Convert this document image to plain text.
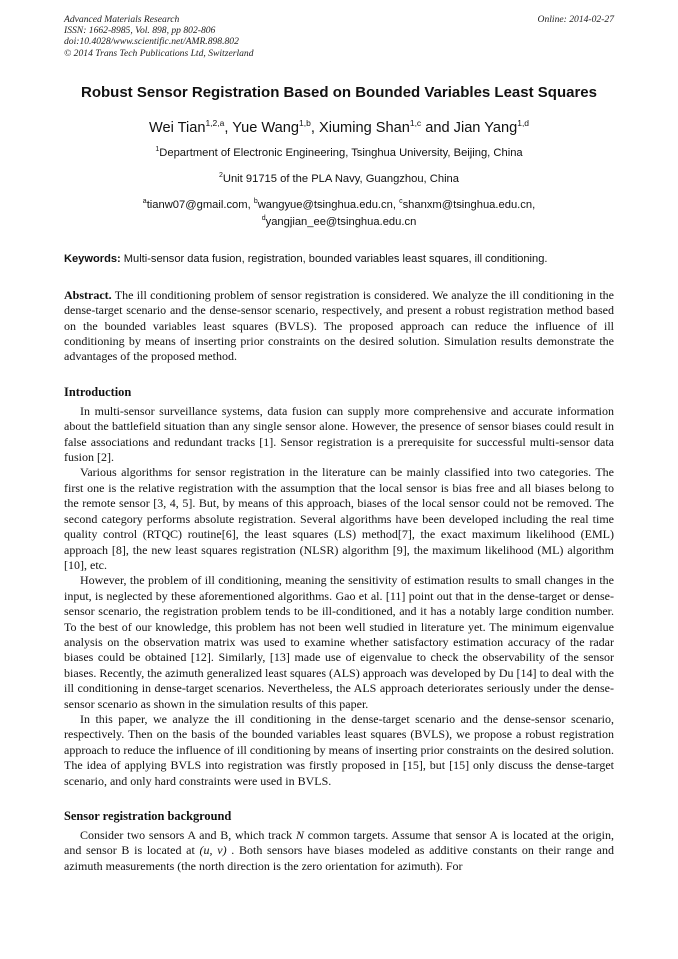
Advanced Materials Research
ISSN: 1662-8985, Vol. 898, pp 802-806
doi:10.4028/www.scientific.net/AMR.898.802
© 2014 Trans Tech Publications Ltd, Switzerland
Online: 2014-02-27
Robust Sensor Registration Based on Bounded Variables Least Squares
Wei Tian$^{1,2,a}$, Yue Wang$^{1,b}$, Xiuming Shan$^{1,c}$ and Jian Yang$^{1,d}$
$^1$Department of Electronic Engineering, Tsinghua University, Beijing, China
$^2$Unit 91715 of the PLA Navy, Guangzhou, China
$^a$tianw07@gmail.com, $^b$wangyue@tsinghua.edu.cn, $^c$shanxm@tsinghua.edu.cn,
$^d$yangjian_ee@tsinghua.edu.cn
Keywords: Multi-sensor data fusion, registration, bounded variables least squares, ill conditioning.

Abstract. The ill conditioning problem of sensor registration is considered. We analyze the ill conditioning in the dense-target scenario and the dense-sensor scenario, respectively, and present a robust registration method based on the bounded variables least squares (BVLS). The proposed approach can reduce the influence of ill conditioning by means of inserting prior constraints on the desired solution. Simulation results demonstrate the advantages of the proposed method.

Introduction

In multi-sensor surveillance systems, data fusion can supply more comprehensive and accurate information about the battlefield situation than any single sensor alone. However, the presence of sensor biases could result in false associations and redundant tracks [1]. Sensor registration is a prerequisite for successful multi-sensor data fusion [2].

Various algorithms for sensor registration in the literature can be mainly classified into two categories. The first one is the relative registration with the assumption that the local sensor is bias free and all biases belong to the remote sensor [3, 4, 5]. But, by means of this approach, biases of the local sensor could not be removed. The second category performs absolute registration. Several algorithms have been developed including the real time quality control (RTQC) routine[6], the least squares (LS) method[7], the exact maximum likelihood (EML) approach [8], the new least squares registration (NLSR) algorithm [9], the maximum likelihood (ML) algorithm [10], etc.

However, the problem of ill conditioning, meaning the sensitivity of estimation results to small changes in the input, is neglected by these aforementioned algorithms. Gao et al. [11] point out that in the dense-target or dense-sensor scenario, the registration problem tends to be ill-conditioned, and it has a notably large condition number. To the best of our knowledge, this problem has not been well studied in literature yet. The minimum eigenvalue analysis on the observation matrix was used to examine whether satisfactory estimation accuracy of the radar biases could be obtained [12]. Similarly, [13] made use of eigenvalue to check the observability of the sensor biases. Recently, the azimuth generalized least squares (ALS) approach was developed by Du [14] to deal with the ill conditioning in dense-target scenarios. Nevertheless, the ALS approach deteriorates seriously under the dense-sensor scenario as shown in the simulation results of this paper.

In this paper, we analyze the ill conditioning in the dense-target scenario and the dense-sensor scenario, respectively. Then on the basis of the bounded variables least squares (BVLS), we propose a robust registration approach to reduce the influence of ill conditioning by means of inserting prior constraints on the desired solution. The idea of applying BVLS into registration was firstly proposed in [15], but [15] only discuss the dense-target scenario, and only hard constraints were used in BVLS.

Sensor registration background

Consider two sensors A and B, which track N common targets. Assume that sensor A is located at the origin, and sensor B is located at (u, v) . Both sensors have biases modeled as additive constants on their range and azimuth measurements (the north direction is the zero orientation for azimuth). For
